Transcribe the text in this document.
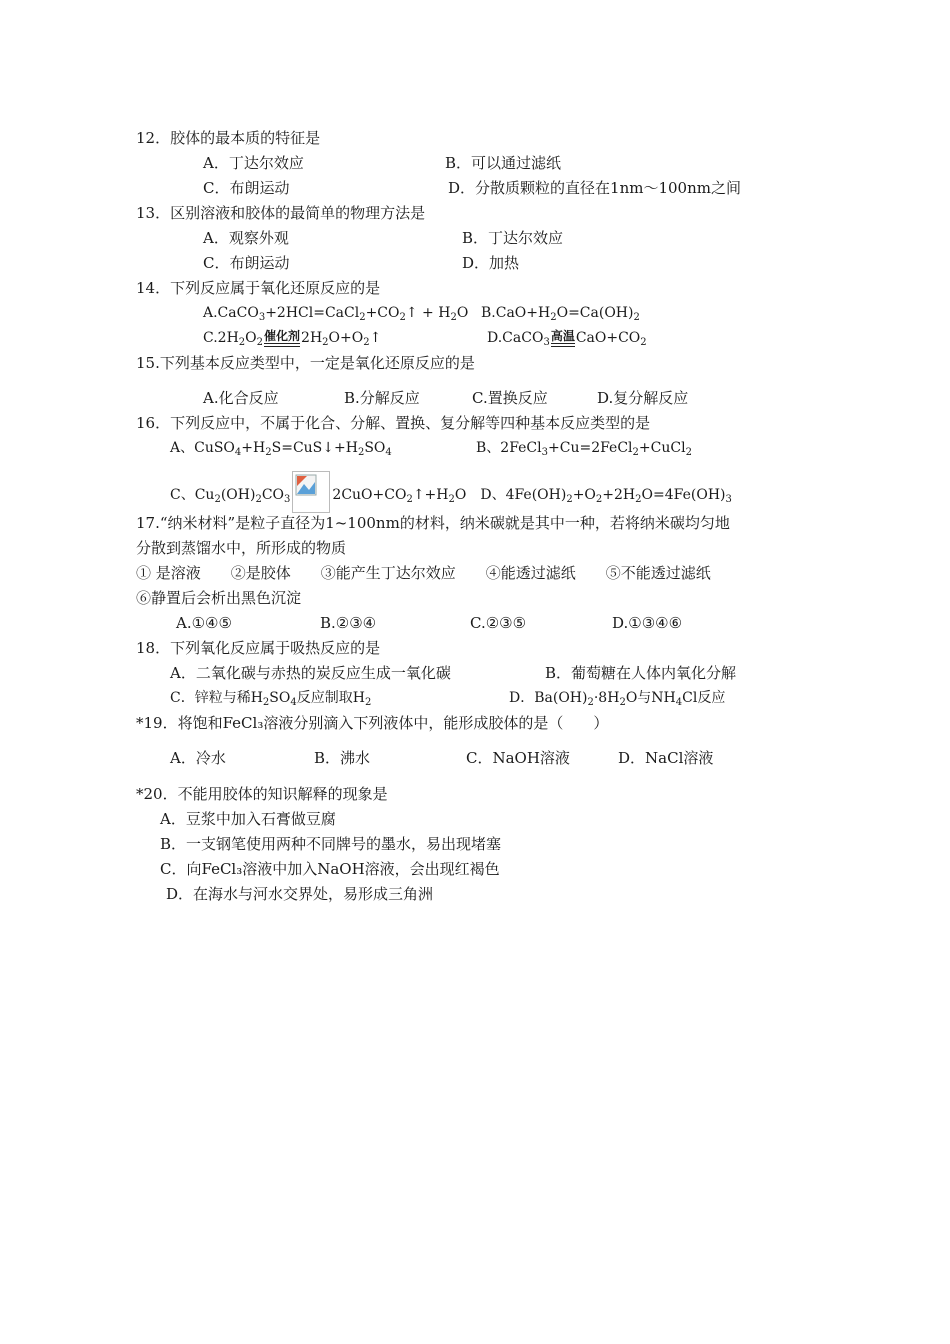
12．胶体的最本质的特征是
A．丁达尔效应	B．可以通过滤纸
C．布朗运动	D．分散质颗粒的直径在1nm～100nm之间
13．区别溶液和胶体的最简单的物理方法是
A．观察外观	B．丁达尔效应
C．布朗运动	D．加热
14．下列反应属于氧化还原反应的是
$A.CaCO_3+2HCl=CaCl_2+CO_2↑ + H_2O$ $B.CaO+H_2O=Ca(OH)_2$
$C.2H_2O_2$ 催化剂 $2H_2O+O_2↑$	D.CaCO$_3$ 高温 $CaO+CO_2$
15.下列基本反应类型中，一定是氧化还原反应的是
A.化合反应	B.分解反应	C.置换反应	D.复分解反应
16．下列反应中，不属于化合、分解、置换、复分解等四种基本反应类型的是
A、$CuSO_4+H_2S=CuS↓+H_2SO_4$	B、2FeCl$_3$+Cu=2FeCl$_2$+CuCl$_2$
C、$Cu_2(OH)_2CO_3$	$2CuO+CO_2↑+H_2O$　D、$4Fe(OH)_2+O_2+2H_2O=4Fe(OH)_3$
17.“纳米材料”是粒子直径为1~100nm的材料，纳米碳就是其中一种，若将纳米碳均匀地
分散到蒸馏水中，所形成的物质
① 是溶液　　②是胶体　　③能产生丁达尔效应　　④能透过滤纸　　⑤不能透过滤纸
⑥静置后会析出黑色沉淀
A.①④⑤	B.②③④	C.②③⑤	D.①③④⑥
18．下列氧化反应属于吸热反应的是
A．二氧化碳与赤热的炭反应生成一氧化碳	B．葡萄糖在人体内氧化分解
C．锌粒与稀$H_2SO_4$反应制取$H_2$	D．$Ba(OH)_2\cdot 8H_2O$与$NH_4Cl$反应
*19．将饱和FeCl₃溶液分别滴入下列液体中，能形成胶体的是（　　）
A．冷水	B．沸水	C．NaOH溶液	D．NaCl溶液
*20．不能用胶体的知识解释的现象是
A．豆浆中加入石膏做豆腐
B．一支钢笔使用两种不同牌号的墨水，易出现堵塞
C．向FeCl₃溶液中加入NaOH溶液，会出现红褐色
D．在海水与河水交界处，易形成三角洲
